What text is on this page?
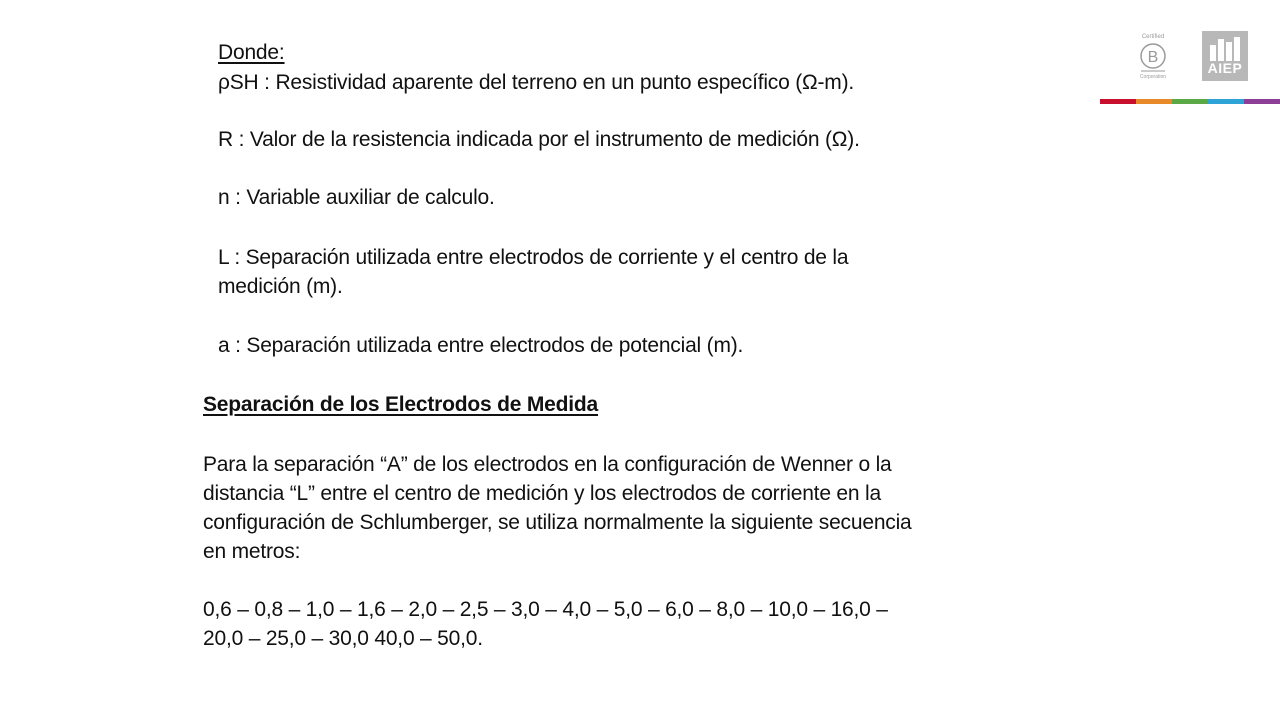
Donde:
ρSH : Resistividad aparente del terreno en un punto específico (Ω-m).
R : Valor de la resistencia indicada por el instrumento de medición (Ω).
n : Variable auxiliar de calculo.
L : Separación utilizada entre electrodos de corriente y el centro de la
medición (m).
a : Separación utilizada entre electrodos de potencial (m).
Separación de los Electrodos de Medida
Para la separación “A” de los electrodos en la configuración de Wenner o la
distancia “L” entre el centro de medición y los electrodos de corriente en la
configuración de Schlumberger, se utiliza normalmente la siguiente secuencia
en metros:
0,6 – 0,8 – 1,0 – 1,6 – 2,0 – 2,5 – 3,0 – 4,0 – 5,0 – 6,0 – 8,0 – 10,0 – 16,0 –
20,0 – 25,0 – 30,0 40,0 – 50,0.
Certified
B
Corporation
AIEP
